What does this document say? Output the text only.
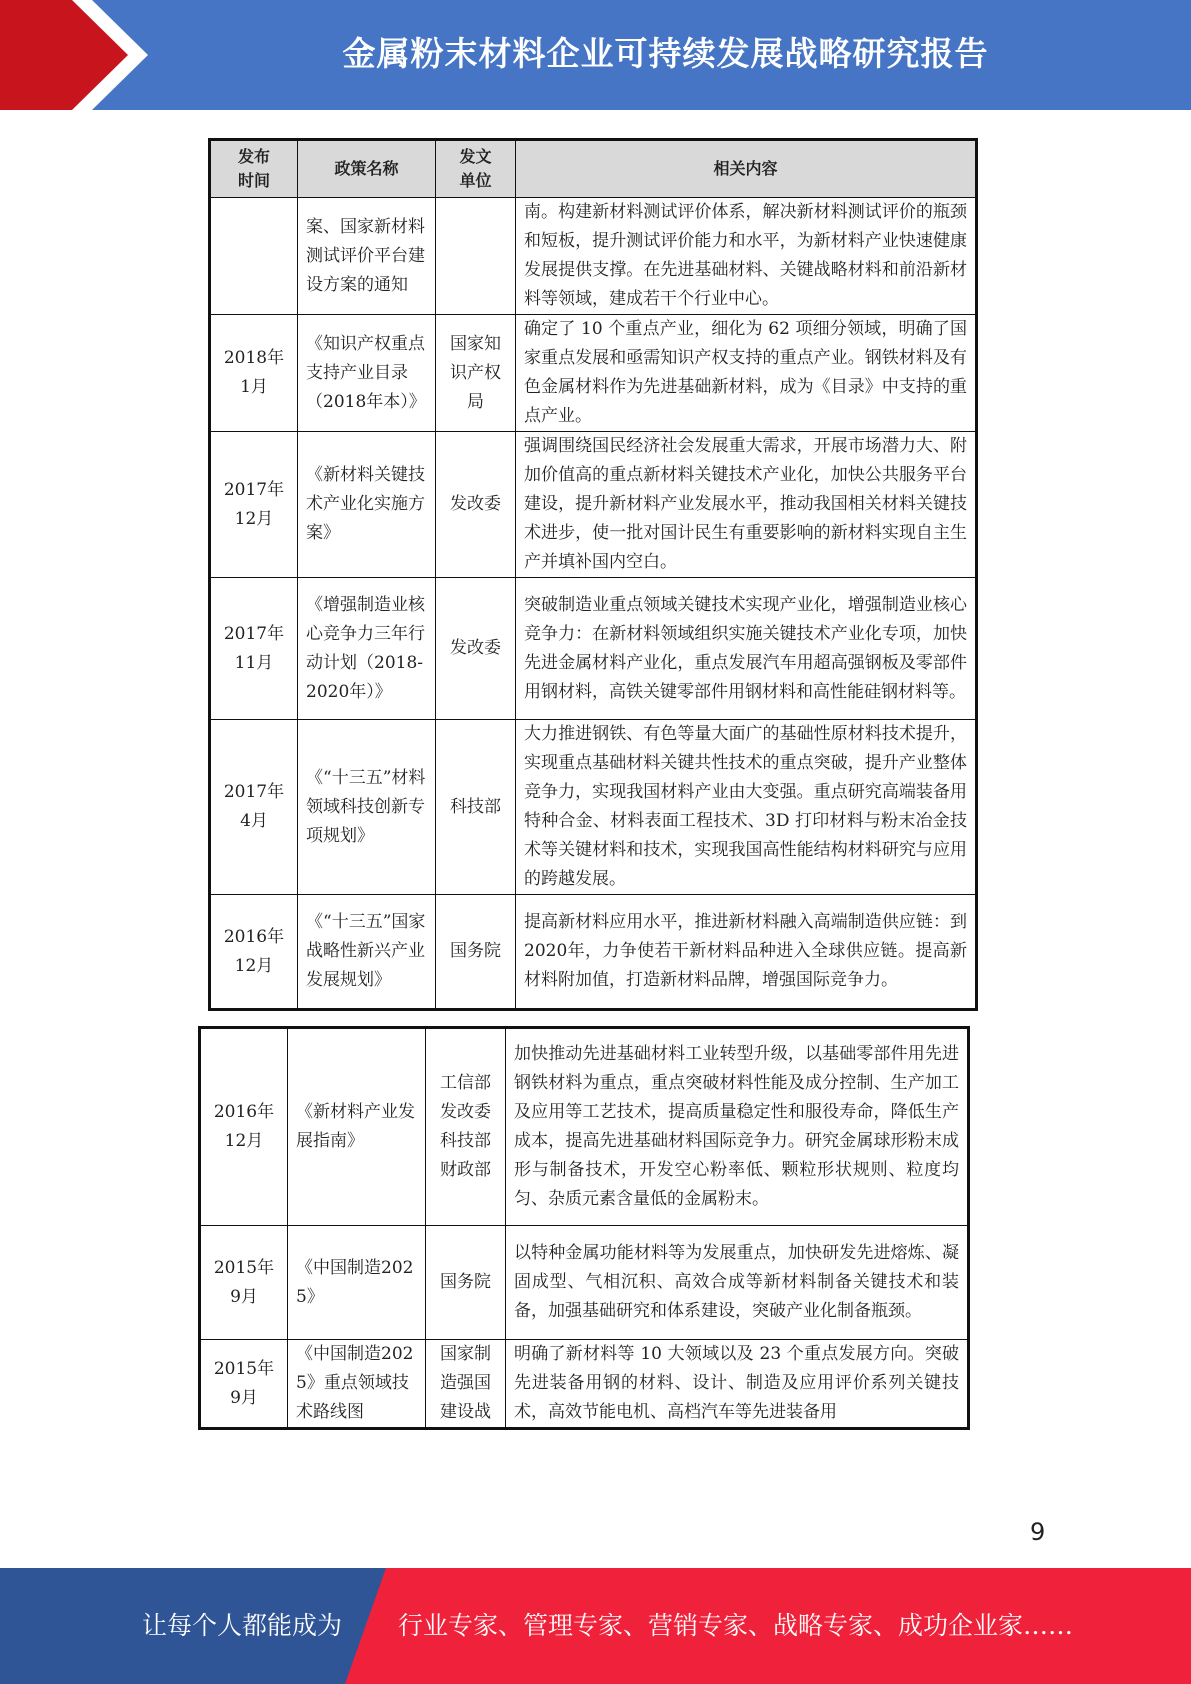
金属粉末材料企业可持续发展战略研究报告
发布时间	政策名称	发文单位	相关内容

	案、国家新材料测试评价平台建设方案的通知		南。构建新材料测试评价体系，解决新材料测试评价的瓶颈和短板，提升测试评价能力和水平，为新材料产业快速健康发展提供支撑。在先进基础材料、关键战略材料和前沿新材料等领域，建成若干个行业中心。

2018年1月	《知识产权重点支持产业目录（2018年本）》	国家知识产权局	确定了 10 个重点产业，细化为 62 项细分领域，明确了国家重点发展和亟需知识产权支持的重点产业。钢铁材料及有色金属材料作为先进基础新材料，成为《目录》中支持的重点产业。

2017年12月	《新材料关键技术产业化实施方案》	发改委	强调围绕国民经济社会发展重大需求，开展市场潜力大、附加价值高的重点新材料关键技术产业化，加快公共服务平台建设，提升新材料产业发展水平，推动我国相关材料关键技术进步，使一批对国计民生有重要影响的新材料实现自主生产并填补国内空白。

2017年11月	《增强制造业核心竞争力三年行动计划（2018-2020年）》	发改委	突破制造业重点领域关键技术实现产业化，增强制造业核心竞争力：在新材料领域组织实施关键技术产业化专项，加快先进金属材料产业化，重点发展汽车用超高强钢板及零部件用钢材料，高铁关键零部件用钢材料和高性能硅钢材料等。

2017年4月	《“十三五”材料领域科技创新专项规划》	科技部	大力推进钢铁、有色等量大面广的基础性原材料技术提升，实现重点基础材料关键共性技术的重点突破，提升产业整体竞争力，实现我国材料产业由大变强。重点研究高端装备用特种合金、材料表面工程技术、3D 打印材料与粉末冶金技术等关键材料和技术，实现我国高性能结构材料研究与应用的跨越发展。

2016年12月	《“十三五”国家战略性新兴产业发展规划》	国务院	提高新材料应用水平，推进新材料融入高端制造供应链：到2020年，力争使若干新材料品种进入全球供应链。提高新材料附加值，打造新材料品牌，增强国际竞争力。
2016年12月	《新材料产业发展指南》	工信部发改委科技部财政部	加快推动先进基础材料工业转型升级，以基础零部件用先进钢铁材料为重点，重点突破材料性能及成分控制、生产加工及应用等工艺技术，提高质量稳定性和服役寿命，降低生产成本，提高先进基础材料国际竞争力。研究金属球形粉末成形与制备技术，开发空心粉率低、颗粒形状规则、粒度均匀、杂质元素含量低的金属粉末。

2015年9月	《中国制造2025》	国务院	以特种金属功能材料等为发展重点，加快研发先进熔炼、凝固成型、气相沉积、高效合成等新材料制备关键技术和装备，加强基础研究和体系建设，突破产业化制备瓶颈。

2015年9月	《中国制造2025》重点领域技术路线图	国家制造强国建设战	明确了新材料等 10 大领域以及 23 个重点发展方向。突破先进装备用钢的材料、设计、制造及应用评价系列关键技术，高效节能电机、高档汽车等先进装备用
9
让每个人都能成为 行业专家、管理专家、营销专家、战略专家、成功企业家……
